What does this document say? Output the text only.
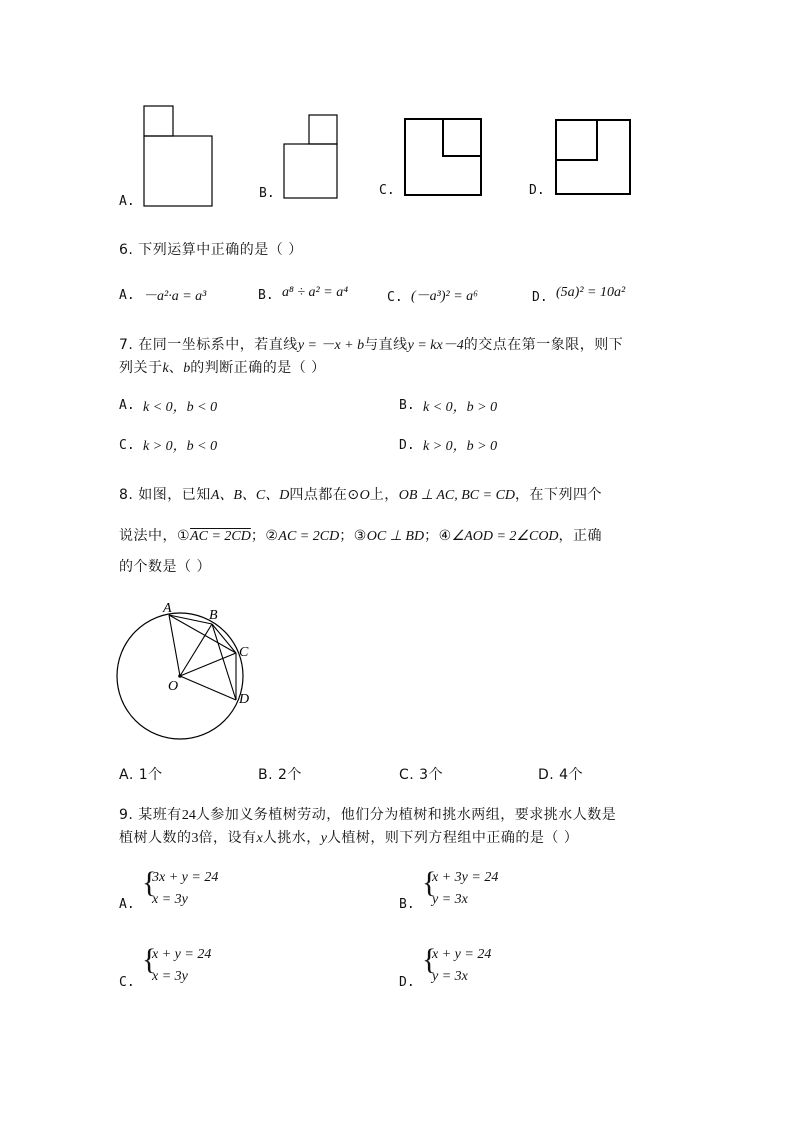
A.
B.	C.	D.
6. 下列运算中正确的是（ ）
A. －a²·a = a³	B. a⁸ ÷ a² = a⁴	C. (－a³)² = a⁶	D. (5a)² = 10a²
7. 在同一坐标系中，若直线y = －x + b与直线y = kx－4的交点在第一象限，则下
列关于k、b的判断正确的是（ ）
A. k < 0，b < 0	B. k < 0，b > 0
C. k > 0，b < 0	D. k > 0，b > 0
8. 如图，已知A、B、C、D四点都在⊙O上，OB ⊥ AC, BC = CD，在下列四个
说法中，①AC = 2CD；②AC = 2CD；③OC ⊥ BD；④∠AOD = 2∠COD，正确
的个数是（ ）
A	B
C
D
O
A. 1个	B. 2个	C. 3个	D. 4个
9. 某班有24人参加义务植树劳动，他们分为植树和挑水两组，要求挑水人数是
植树人数的3倍，设有x人挑水，y人植树，则下列方程组中正确的是（ ）
A.
{
3x + y = 24
x = 3y	B.
{
x + 3y = 24
y = 3x
C.
{
x + y = 24
x = 3y	D.
{
x + y = 24
y = 3x
